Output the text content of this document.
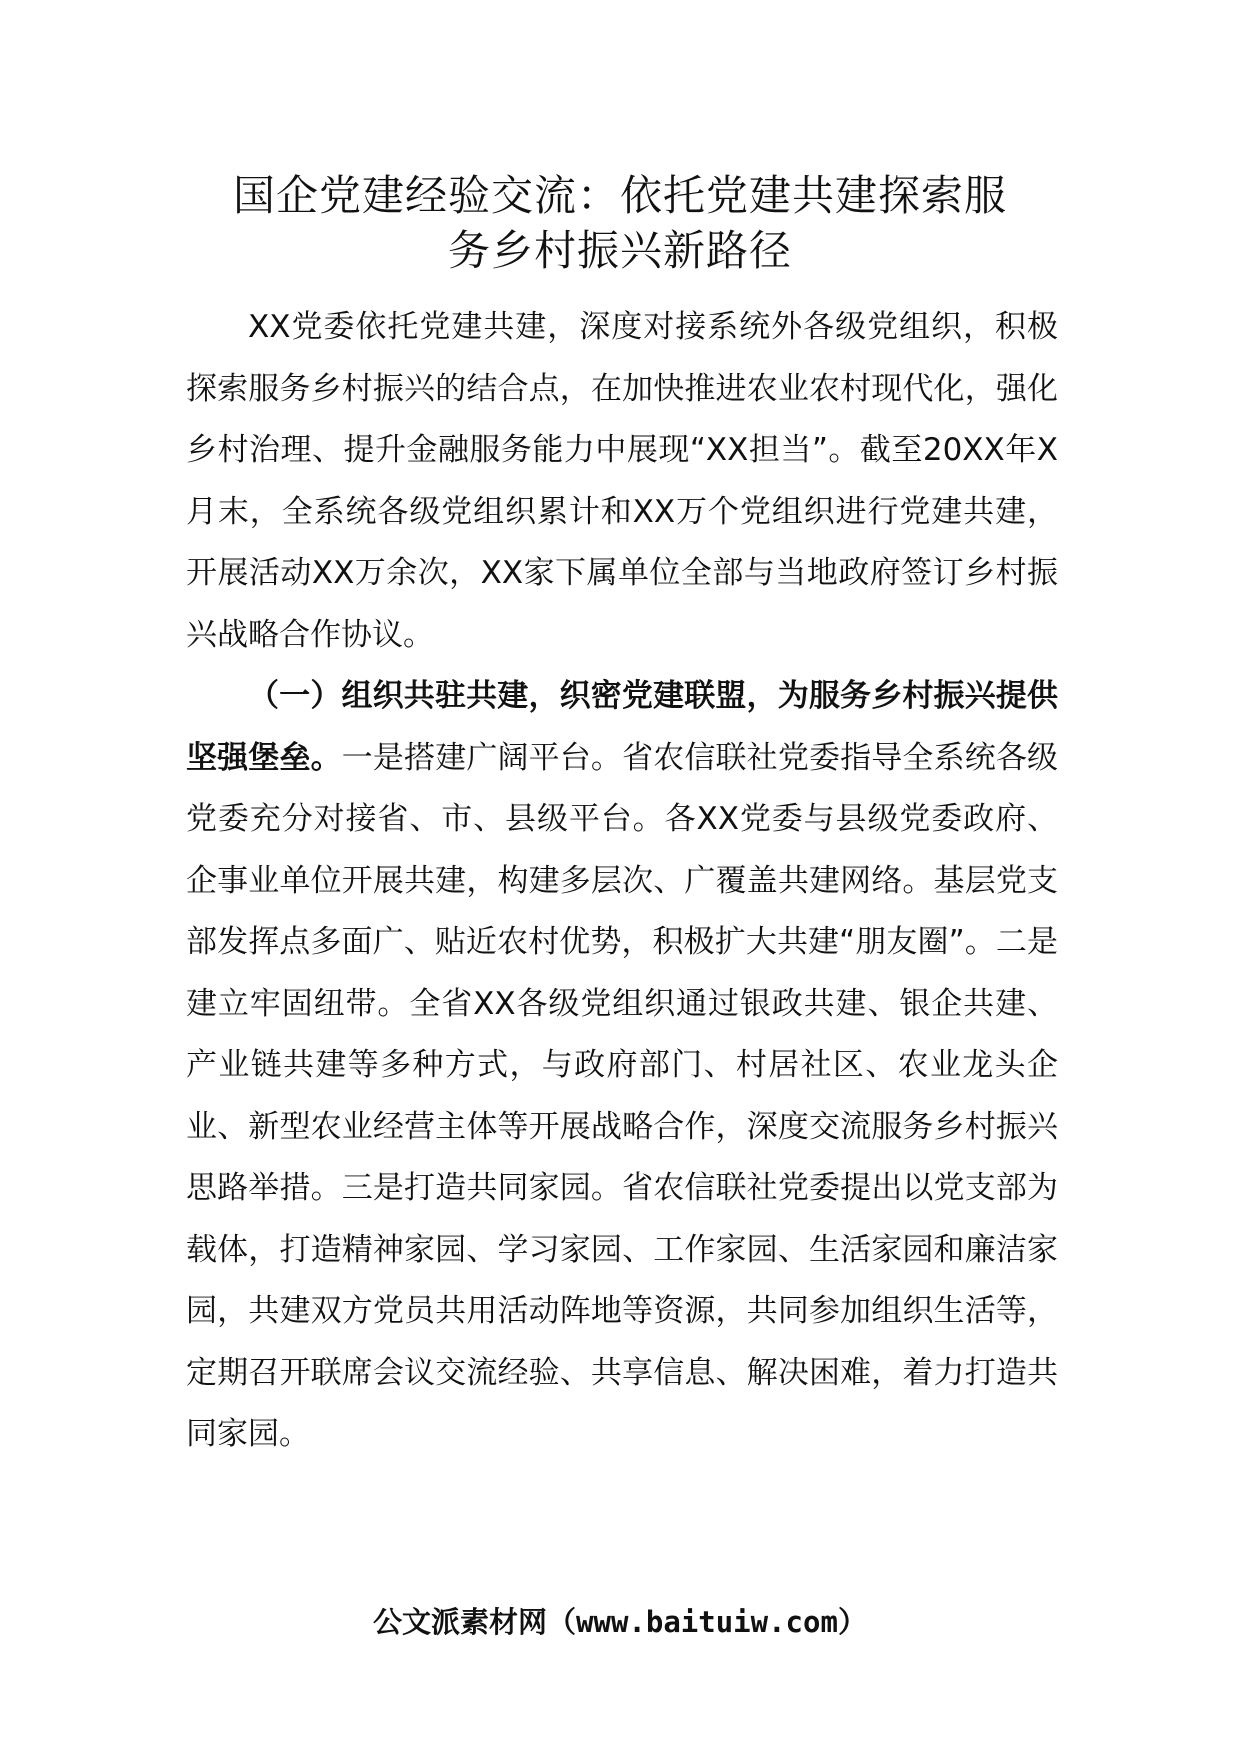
国企党建经验交流：依托党建共建探索服
务乡村振兴新路径

XX党委依托党建共建，深度对接系统外各级党组织，积极探索服务乡村振兴的结合点，在加快推进农业农村现代化，强化乡村治理、提升金融服务能力中展现“XX担当”。截至20XX年X月末，全系统各级党组织累计和XX万个党组织进行党建共建，开展活动XX万余次，XX家下属单位全部与当地政府签订乡村振兴战略合作协议。

（一）组织共驻共建，织密党建联盟，为服务乡村振兴提供坚强堡垒。一是搭建广阔平台。省农信联社党委指导全系统各级党委充分对接省、市、县级平台。各XX党委与县级党委政府、企事业单位开展共建，构建多层次、广覆盖共建网络。基层党支部发挥点多面广、贴近农村优势，积极扩大共建“朋友圈”。二是建立牢固纽带。全省XX各级党组织通过银政共建、银企共建、产业链共建等多种方式，与政府部门、村居社区、农业龙头企业、新型农业经营主体等开展战略合作，深度交流服务乡村振兴思路举措。三是打造共同家园。省农信联社党委提出以党支部为载体，打造精神家园、学习家园、工作家园、生活家园和廉洁家园，共建双方党员共用活动阵地等资源，共同参加组织生活等，定期召开联席会议交流经验、共享信息、解决困难，着力打造共同家园。

公文派素材网（www.baituiw.com）
